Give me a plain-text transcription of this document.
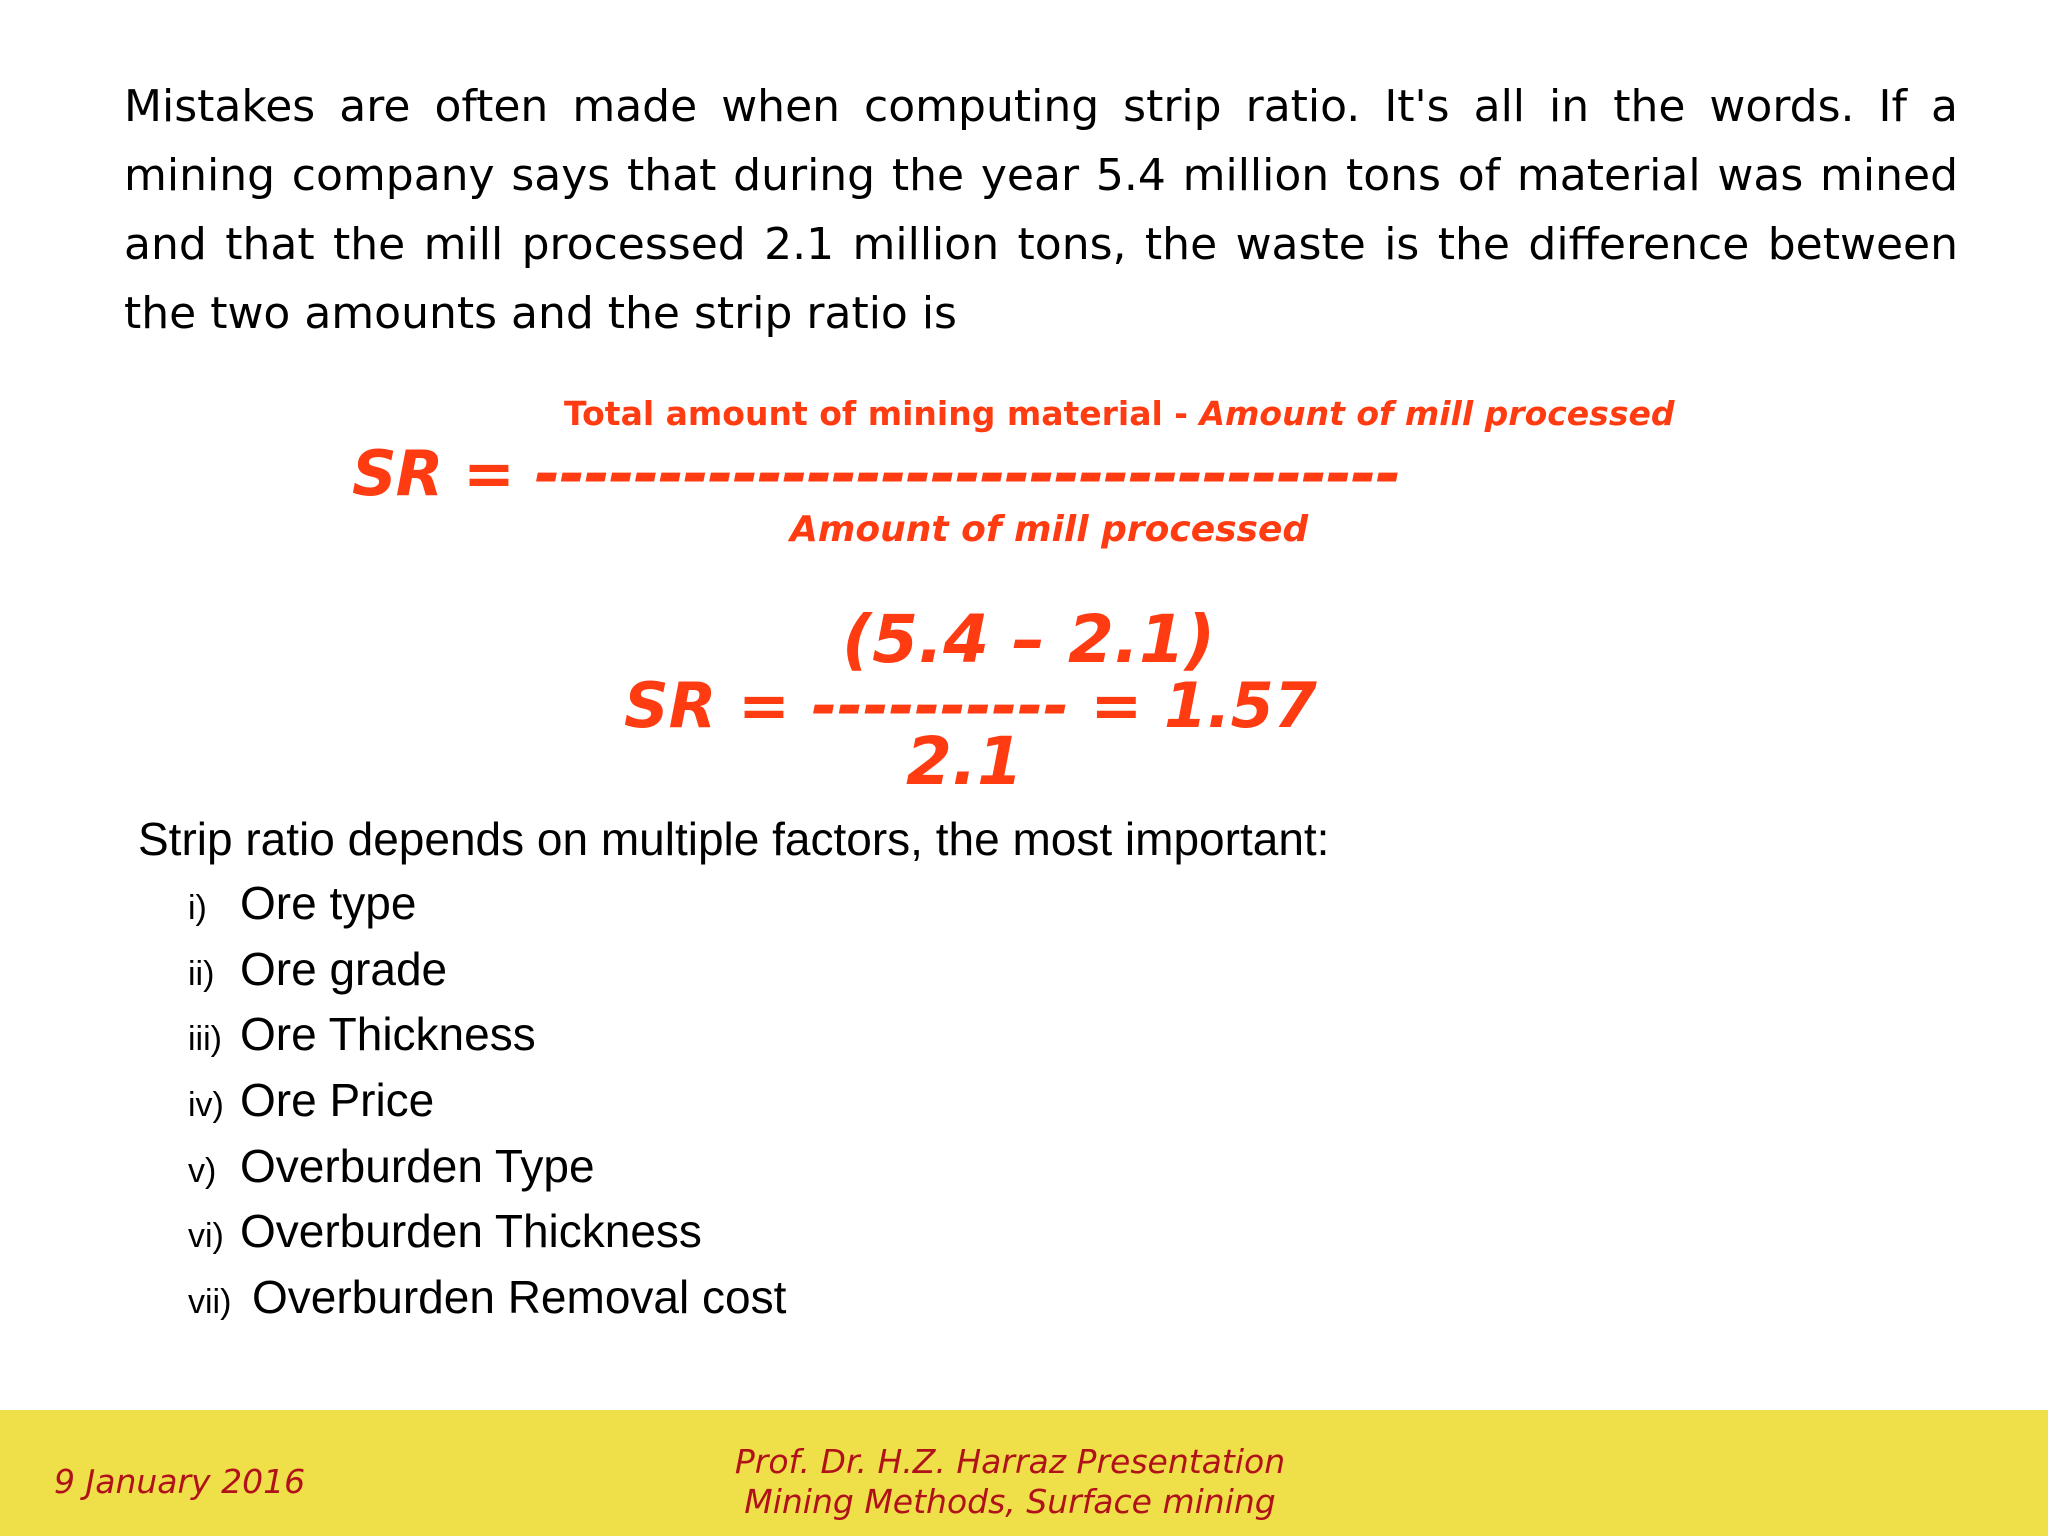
Mistakes are often made when computing strip ratio. It's all in the words. If a mining company says that during the year 5.4 million tons of material was mined and that the mill processed 2.1 million tons, the waste is the difference between the two amounts and the strip ratio is

Total amount of mining material - Amount of mill processed
SR = -----------------------------------
Amount of mill processed
(5.4 – 2.1)
SR = ---------- = 1.57
2.1

Strip ratio depends on multiple factors, the most important:

i) Ore type
ii) Ore grade
iii) Ore Thickness
iv) Ore Price
v) Overburden Type
vi) Overburden Thickness
vii) Overburden Removal cost
9 January 2016
Prof. Dr. H.Z. Harraz Presentation
Mining Methods, Surface mining
